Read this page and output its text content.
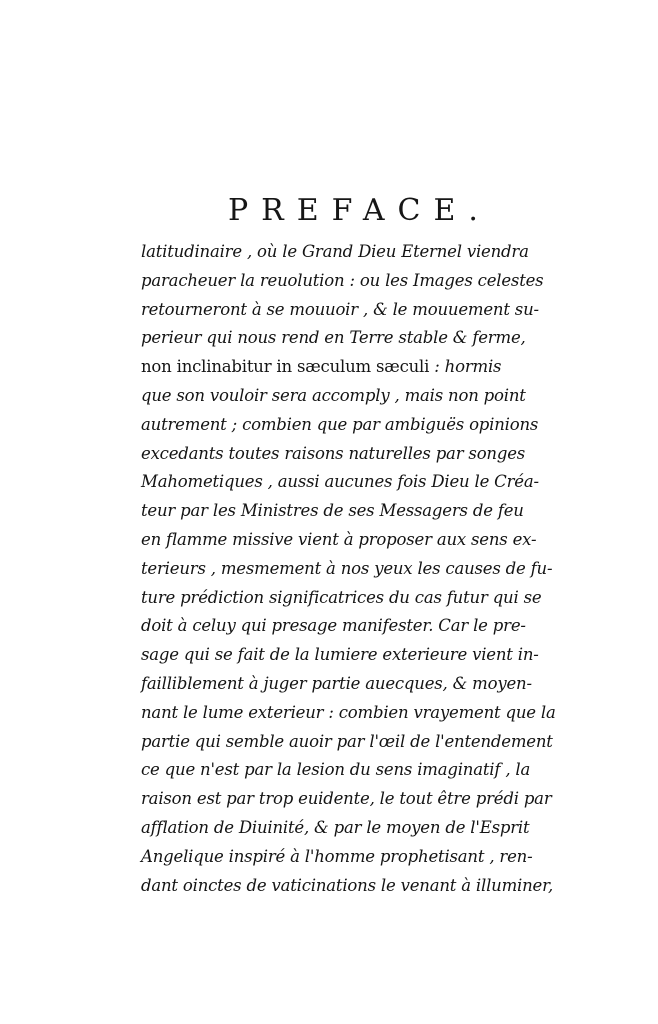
PREFACE.
latitudinaire , où le Grand Dieu Eternel viendra
paracheuer la reuolution : ou les Images celestes
retourneront à se mouuoir , & le mouuement su-
perieur qui nous rend en Terre stable & ferme,
non inclinabitur in sæculum sæculi : hormis
que son vouloir sera accomply , mais non point
autrement ; combien que par ambiguës opinions
excedants toutes raisons naturelles par songes
Mahometiques , aussi aucunes fois Dieu le Créa-
teur par les Ministres de ses Messagers de feu
en flamme missive vient à proposer aux sens ex-
terieurs , mesmement à nos yeux les causes de fu-
ture prédiction significatrices du cas futur qui se
doit à celuy qui presage manifester. Car le pre-
sage qui se fait de la lumiere exterieure vient in-
failliblement à juger partie auecques, & moyen-
nant le lume exterieur : combien vrayement que la
partie qui semble auoir par l'œil de l'entendement
ce que n'est par la lesion du sens imaginatif , la
raison est par trop euidente, le tout être prédi par
afflation de Diuinité, & par le moyen de l'Esprit
Angelique inspiré à l'homme prophetisant , ren-
dant oinctes de vaticinations le venant à illuminer,
